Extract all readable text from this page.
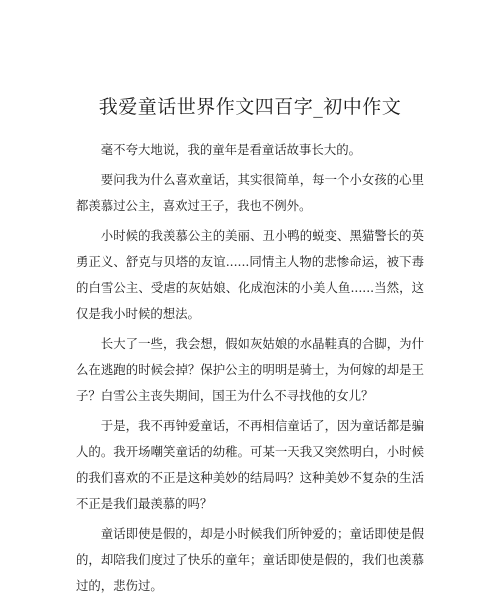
我爱童话世界作文四百字_初中作文

毫不夸大地说，我的童年是看童话故事长大的。

要问我为什么喜欢童话，其实很简单，每一个小女孩的心里都羡慕过公主，喜欢过王子，我也不例外。

小时候的我羡慕公主的美丽、丑小鸭的蜕变、黑猫警长的英勇正义、舒克与贝塔的友谊......同情主人物的悲惨命运，被下毒的白雪公主、受虐的灰姑娘、化成泡沫的小美人鱼......当然，这仅是我小时候的想法。

长大了一些，我会想，假如灰姑娘的水晶鞋真的合脚，为什么在逃跑的时候会掉？保护公主的明明是骑士，为何嫁的却是王子？白雪公主丧失期间，国王为什么不寻找他的女儿？

于是，我不再钟爱童话，不再相信童话了，因为童话都是骗人的。我开场嘲笑童话的幼稚。可某一天我又突然明白，小时候的我们喜欢的不正是这种美妙的结局吗？这种美妙不复杂的生活不正是我们最羡慕的吗？

童话即使是假的，却是小时候我们所钟爱的；童话即使是假的，却陪我们度过了快乐的童年；童话即使是假的，我们也羡慕过的，悲伤过。
